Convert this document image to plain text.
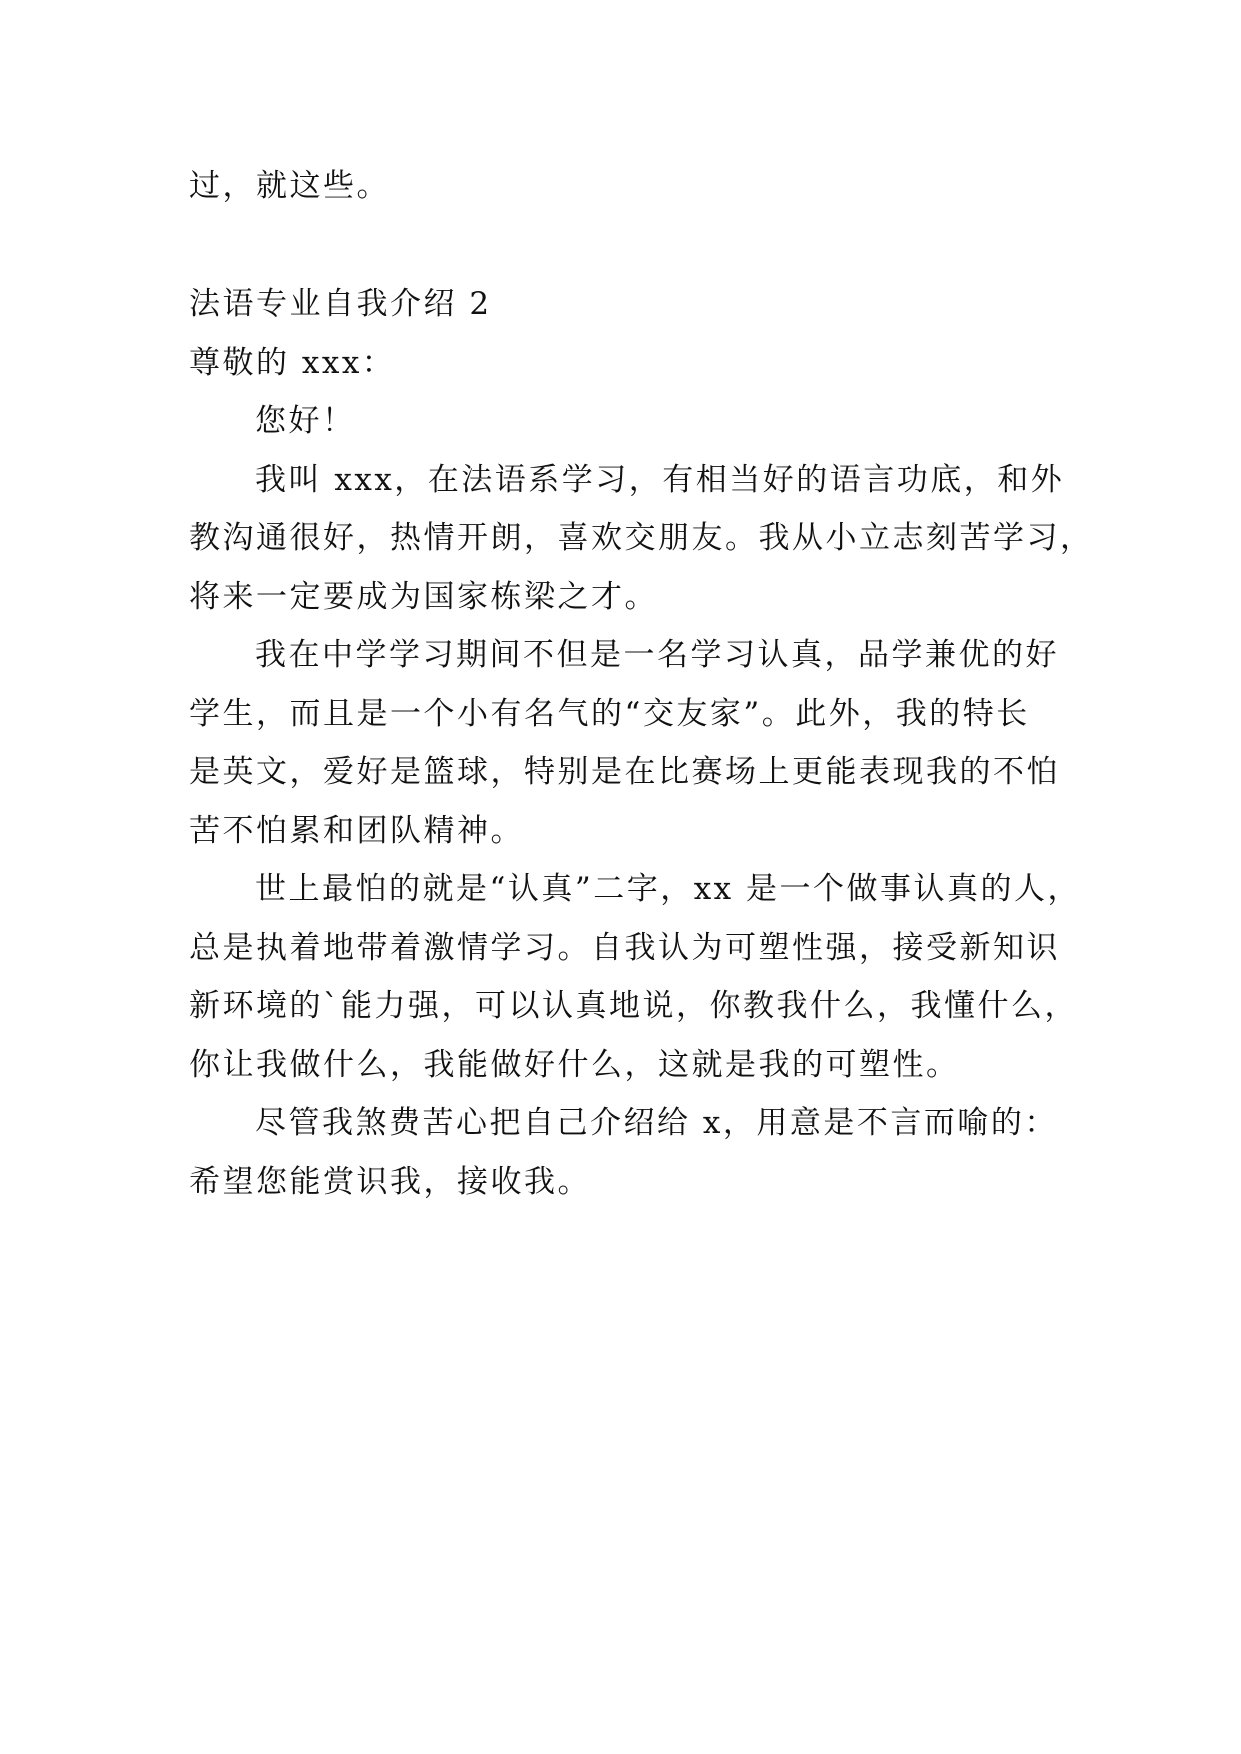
过，就这些。
法语专业自我介绍 2
尊敬的 xxx：
您好！
我叫 xxx，在法语系学习，有相当好的语言功底，和外
教沟通很好，热情开朗，喜欢交朋友。我从小立志刻苦学习，
将来一定要成为国家栋梁之才。
我在中学学习期间不但是一名学习认真，品学兼优的好
学生，而且是一个小有名气的“交友家”。此外，我的特长
是英文，爱好是篮球，特别是在比赛场上更能表现我的不怕
苦不怕累和团队精神。
世上最怕的就是“认真”二字，xx 是一个做事认真的人，
总是执着地带着激情学习。自我认为可塑性强，接受新知识
新环境的`能力强，可以认真地说，你教我什么，我懂什么，
你让我做什么，我能做好什么，这就是我的可塑性。
尽管我煞费苦心把自己介绍给 x，用意是不言而喻的：
希望您能赏识我，接收我。
